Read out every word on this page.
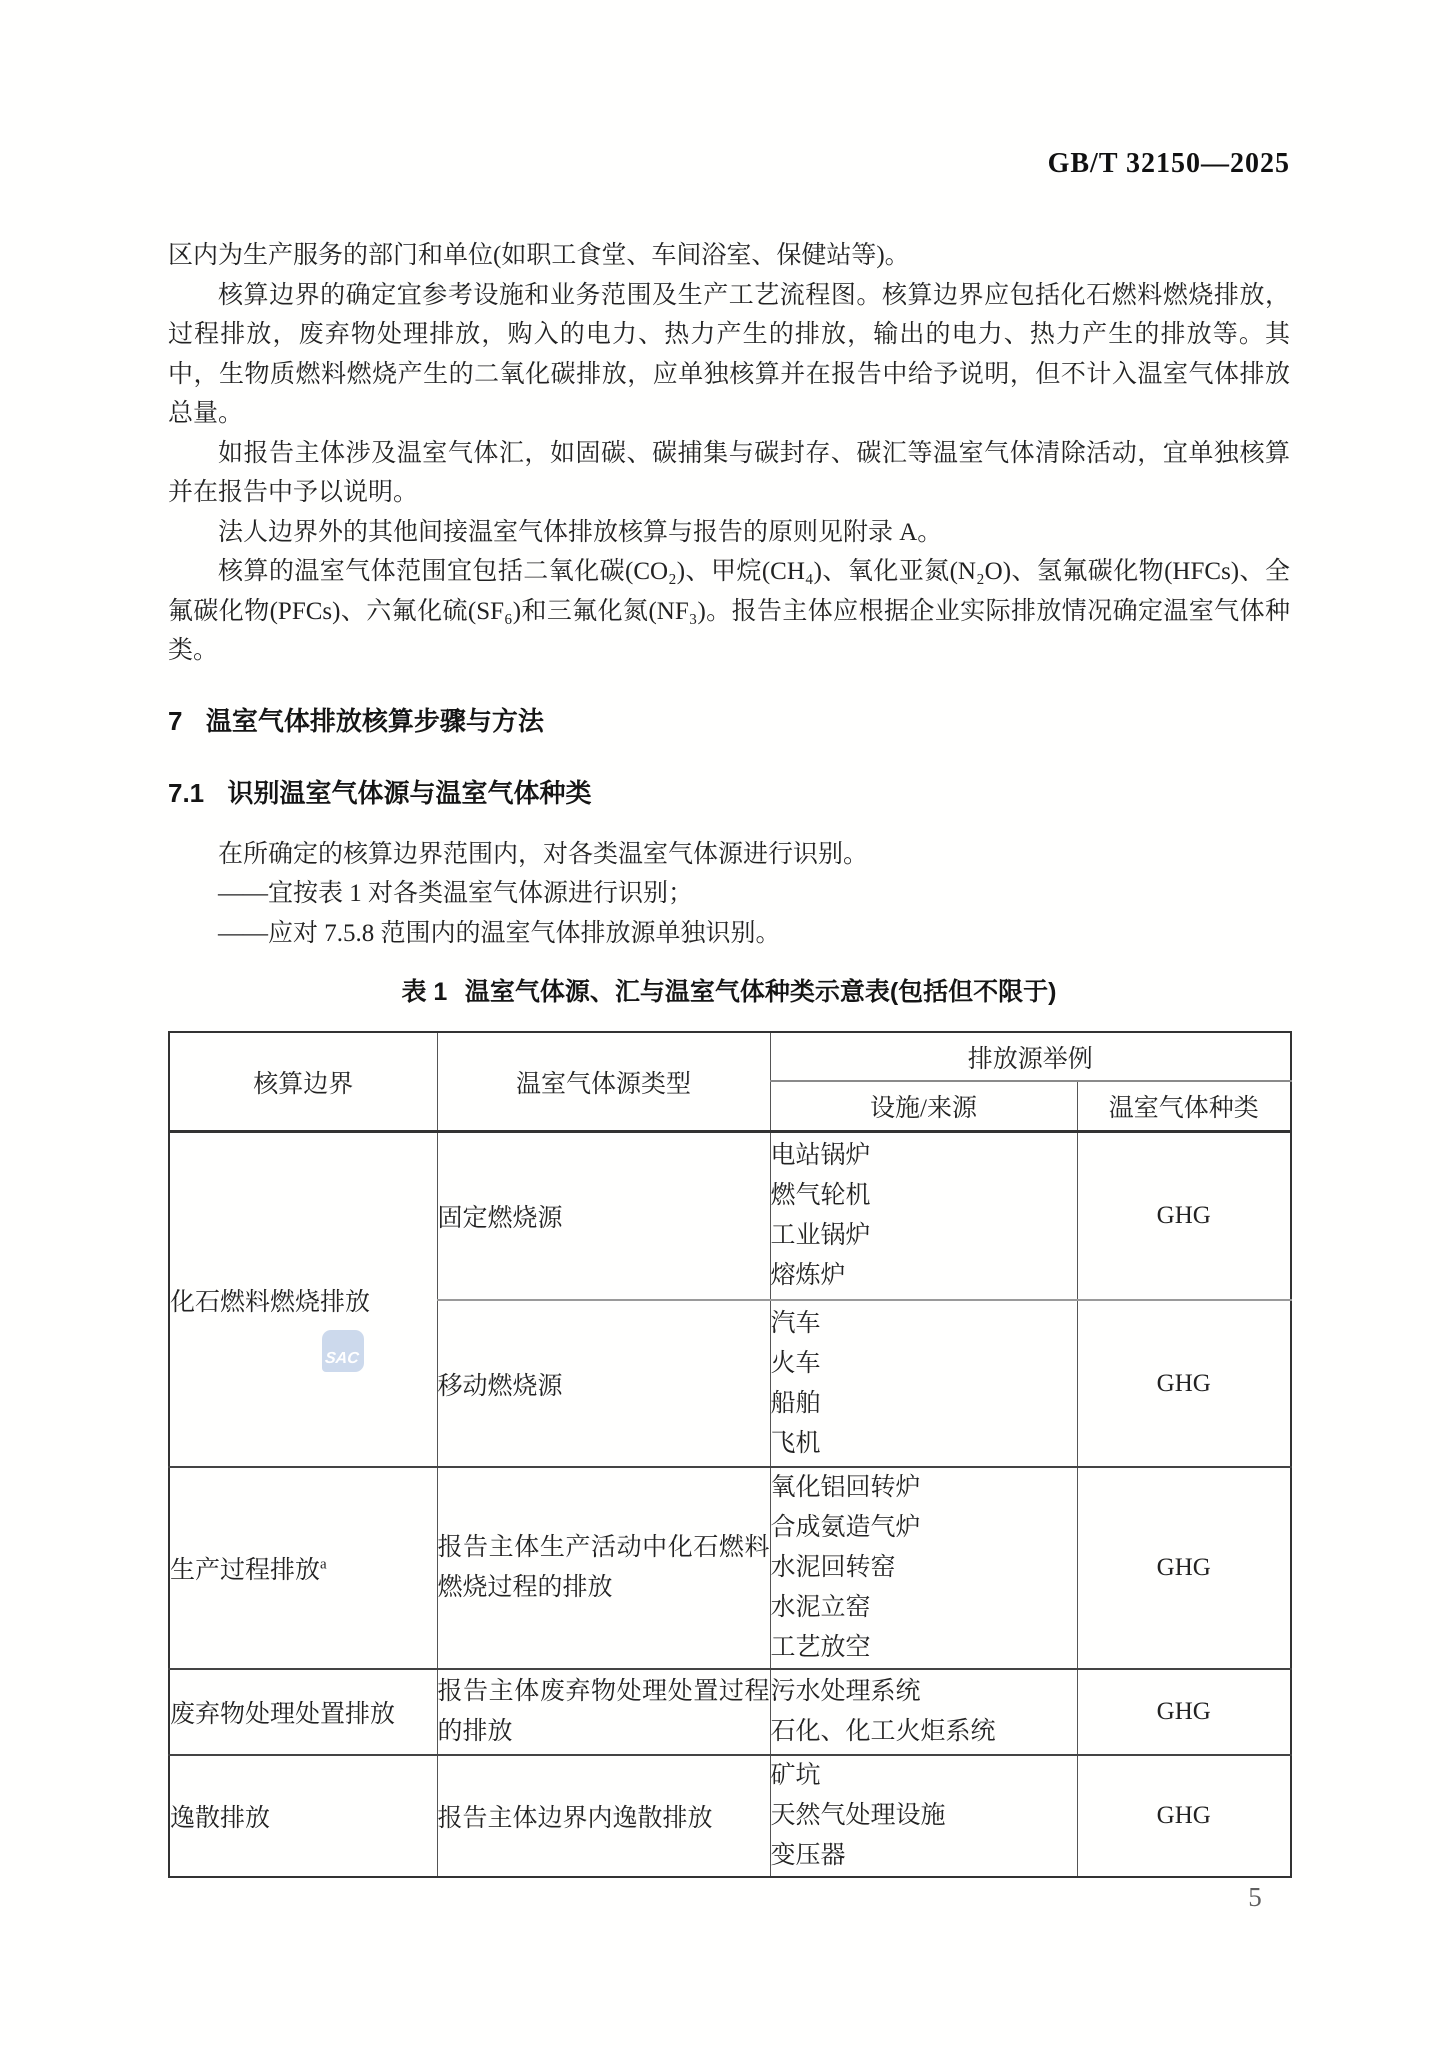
GB/T 32150—2025

区内为生产服务的部门和单位(如职工食堂、车间浴室、保健站等)。

核算边界的确定宜参考设施和业务范围及生产工艺流程图。核算边界应包括化石燃料燃烧排放，过程排放，废弃物处理排放，购入的电力、热力产生的排放，输出的电力、热力产生的排放等。其中，生物质燃料燃烧产生的二氧化碳排放，应单独核算并在报告中给予说明，但不计入温室气体排放总量。

如报告主体涉及温室气体汇，如固碳、碳捕集与碳封存、碳汇等温室气体清除活动，宜单独核算并在报告中予以说明。

法人边界外的其他间接温室气体排放核算与报告的原则见附录 A。

核算的温室气体范围宜包括二氧化碳(CO₂)、甲烷(CH₄)、氧化亚氮(N₂O)、氢氟碳化物(HFCs)、全氟碳化物(PFCs)、六氟化硫(SF₆)和三氟化氮(NF₃)。报告主体应根据企业实际排放情况确定温室气体种类。

7 温室气体排放核算步骤与方法
7.1 识别温室气体源与温室气体种类

在所确定的核算边界范围内，对各类温室气体源进行识别。

——宜按表 1 对各类温室气体源进行识别；

——应对 7.5.8 范围内的温室气体排放源单独识别。

表 1 温室气体源、汇与温室气体种类示意表(包括但不限于)
核算边界	温室气体源类型	排放源举例	
		设施/来源	温室气体种类
化石燃料燃烧排放	固定燃烧源	电站锅炉
燃气轮机
工业锅炉
熔炼炉	GHG
	移动燃烧源	汽车
火车
船舶
飞机	GHG
生产过程排放$^a$	报告主体生产活动中化石燃料燃烧过程的排放	氧化铝回转炉
合成氨造气炉
水泥回转窑
水泥立窑
工艺放空	GHG
废弃物处理处置排放	报告主体废弃物处理处置过程的排放	污水处理系统
石化、化工火炬系统	GHG
逸散排放	报告主体边界内逸散排放	矿坑
天然气处理设施
变压器	GHG
SAC
5
